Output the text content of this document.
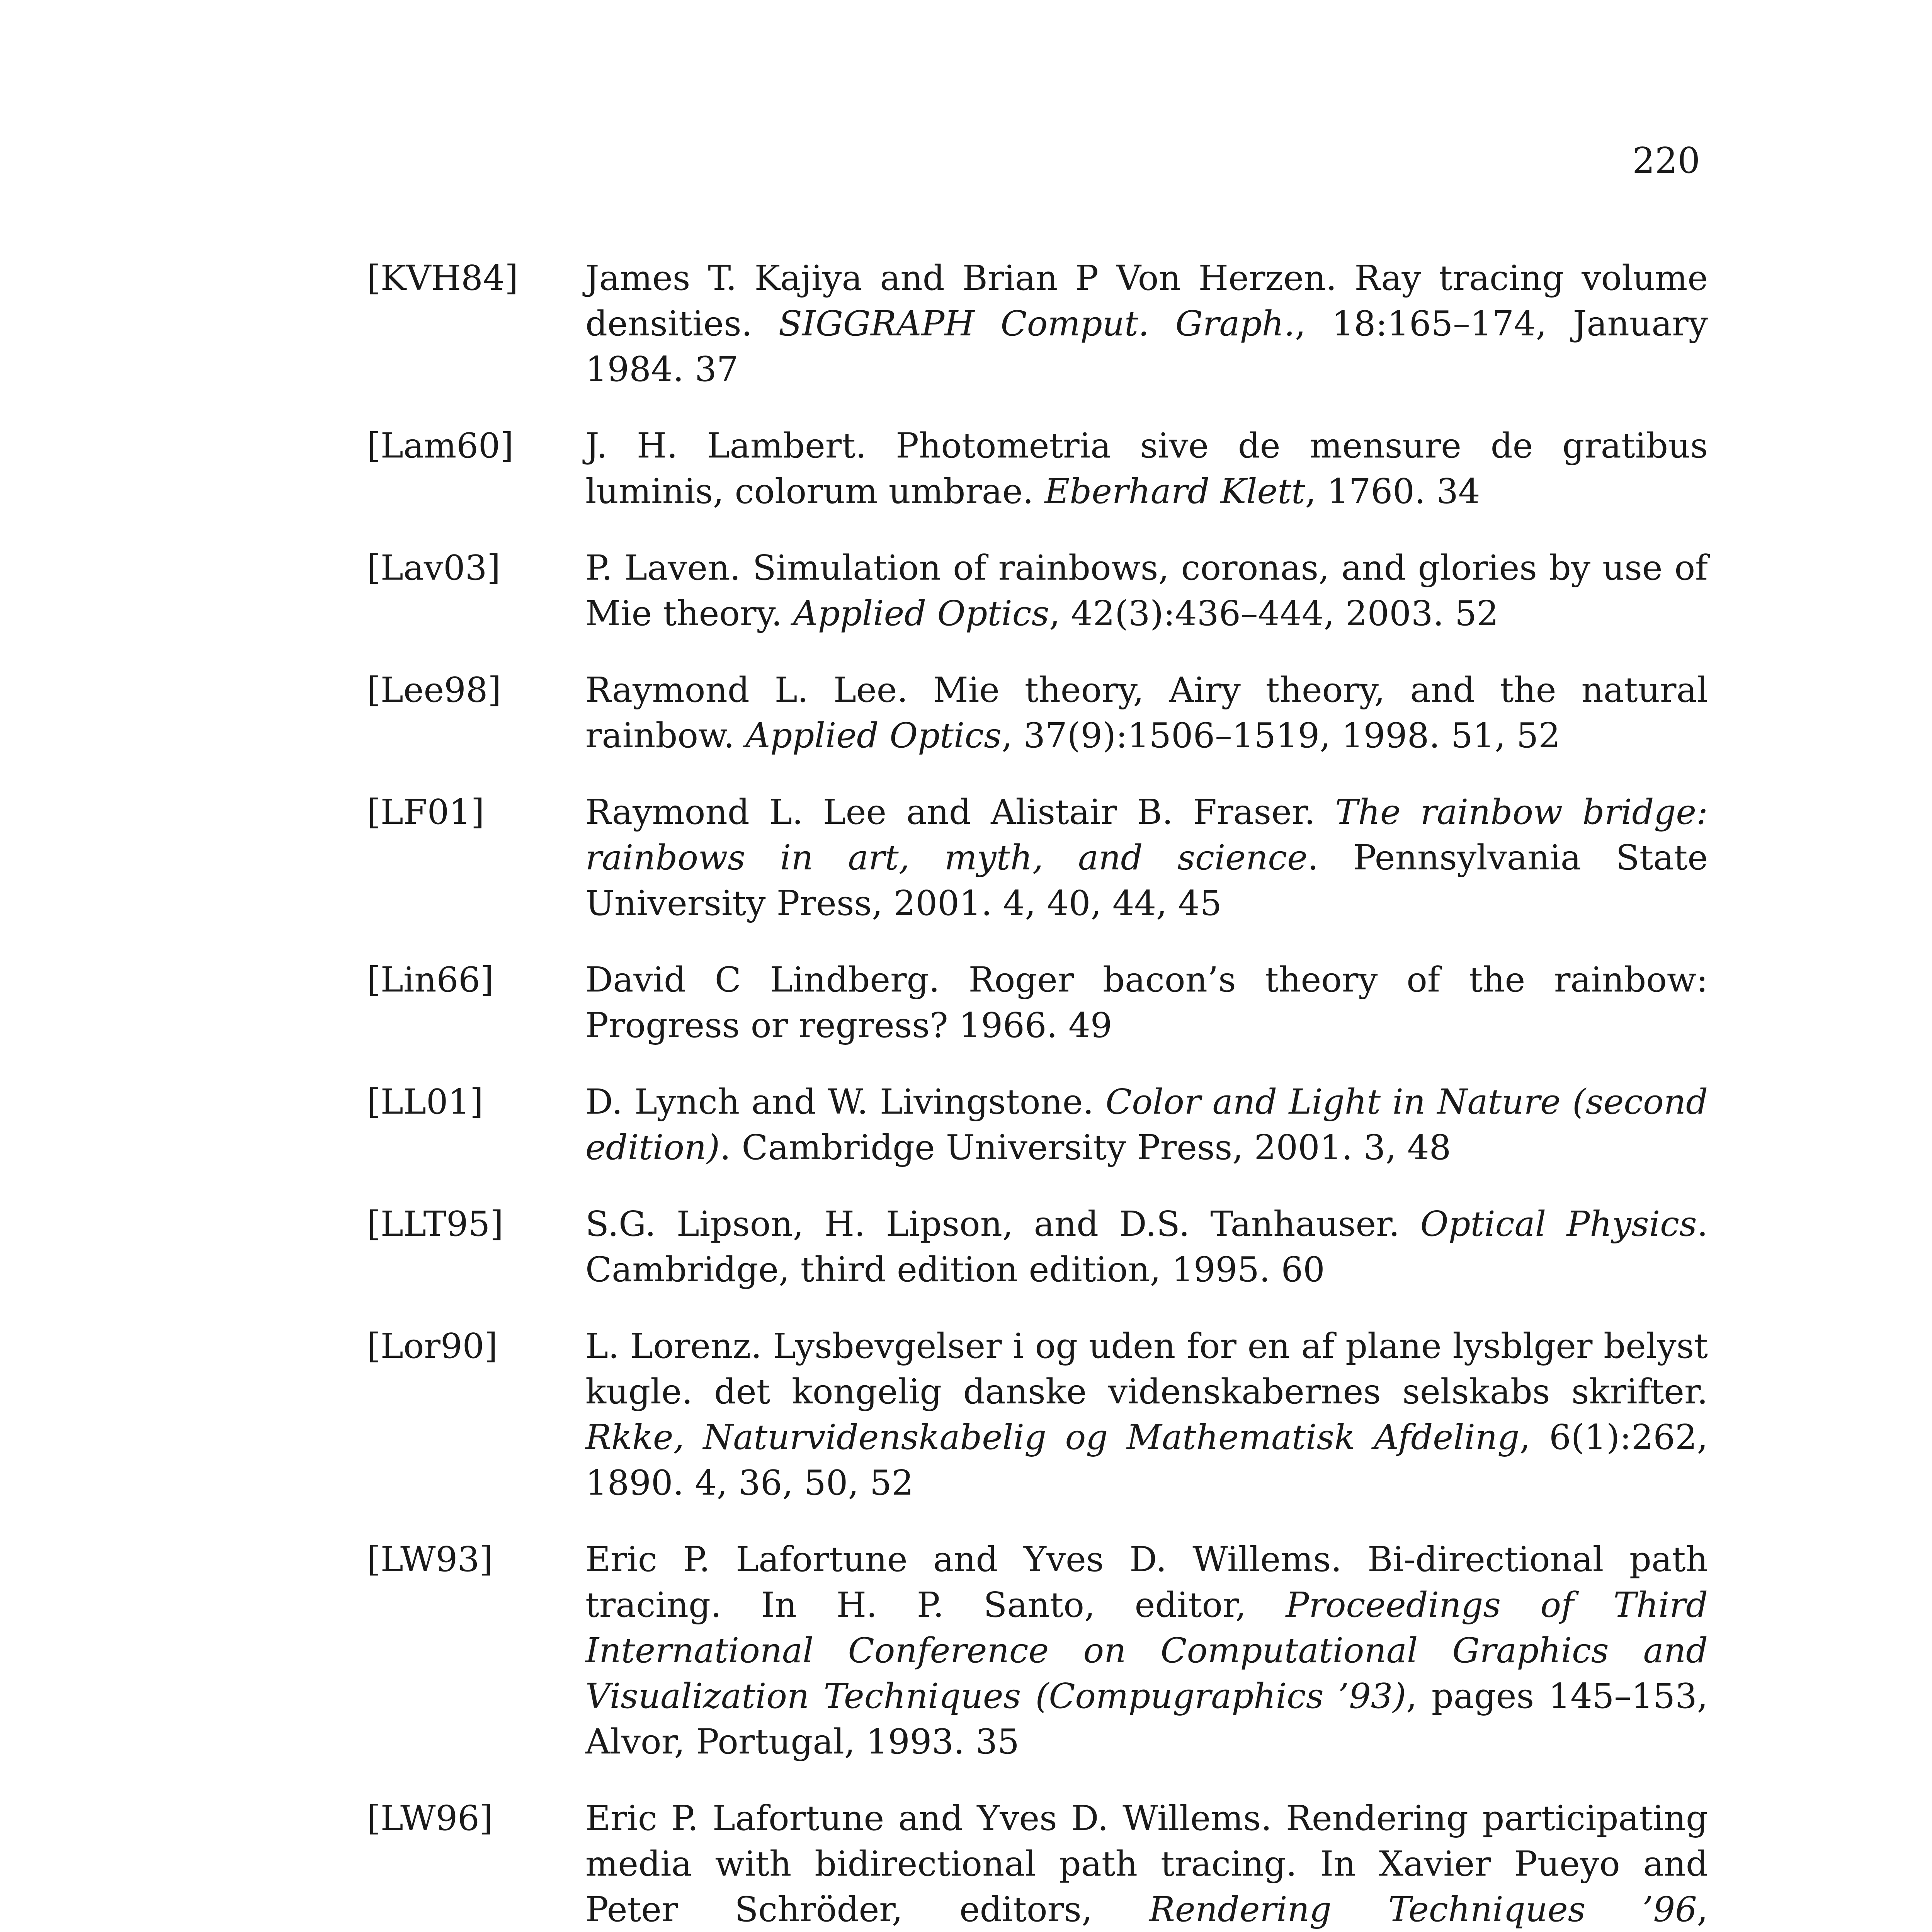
220
[KVH84]	James T. Kajiya and Brian P Von Herzen. Ray tracing volume densities. SIGGRAPH Comput. Graph., 18:165–174, January 1984. 37
[Lam60]	J. H. Lambert. Photometria sive de mensure de gratibus luminis, colorum umbrae. Eberhard Klett, 1760. 34
[Lav03]	P. Laven. Simulation of rainbows, coronas, and glories by use of Mie theory. Applied Optics, 42(3):436–444, 2003. 52
[Lee98]	Raymond L. Lee. Mie theory, Airy theory, and the natural rainbow. Applied Optics, 37(9):1506–1519, 1998. 51, 52
[LF01]	Raymond L. Lee and Alistair B. Fraser. The rainbow bridge: rainbows in art, myth, and science. Pennsylvania State University Press, 2001. 4, 40, 44, 45
[Lin66]	David C Lindberg. Roger bacon’s theory of the rainbow: Progress or regress? 1966. 49
[LL01]	D. Lynch and W. Livingstone. Color and Light in Nature (second edition). Cambridge University Press, 2001. 3, 48
[LLT95]	S.G. Lipson, H. Lipson, and D.S. Tanhauser. Optical Physics. Cambridge, third edition edition, 1995. 60
[Lor90]	L. Lorenz. Lysbevgelser i og uden for en af plane lysblger belyst kugle. det kongelig danske videnskabernes selskabs skrifter. Rkke, Naturvidenskabelig og Mathematisk Afdeling, 6(1):262, 1890. 4, 36, 50, 52
[LW93]	Eric P. Lafortune and Yves D. Willems. Bi-directional path tracing. In H. P. Santo, editor, Proceedings of Third International Conference on Computational Graphics and Visualization Techniques (Compugraphics ’93), pages 145–153, Alvor, Portugal, 1993. 35
[LW96]	Eric P. Lafortune and Yves D. Willems. Rendering participating media with bidirectional path tracing. In Xavier Pueyo and Peter Schröder, editors, Rendering Techniques ’96,
